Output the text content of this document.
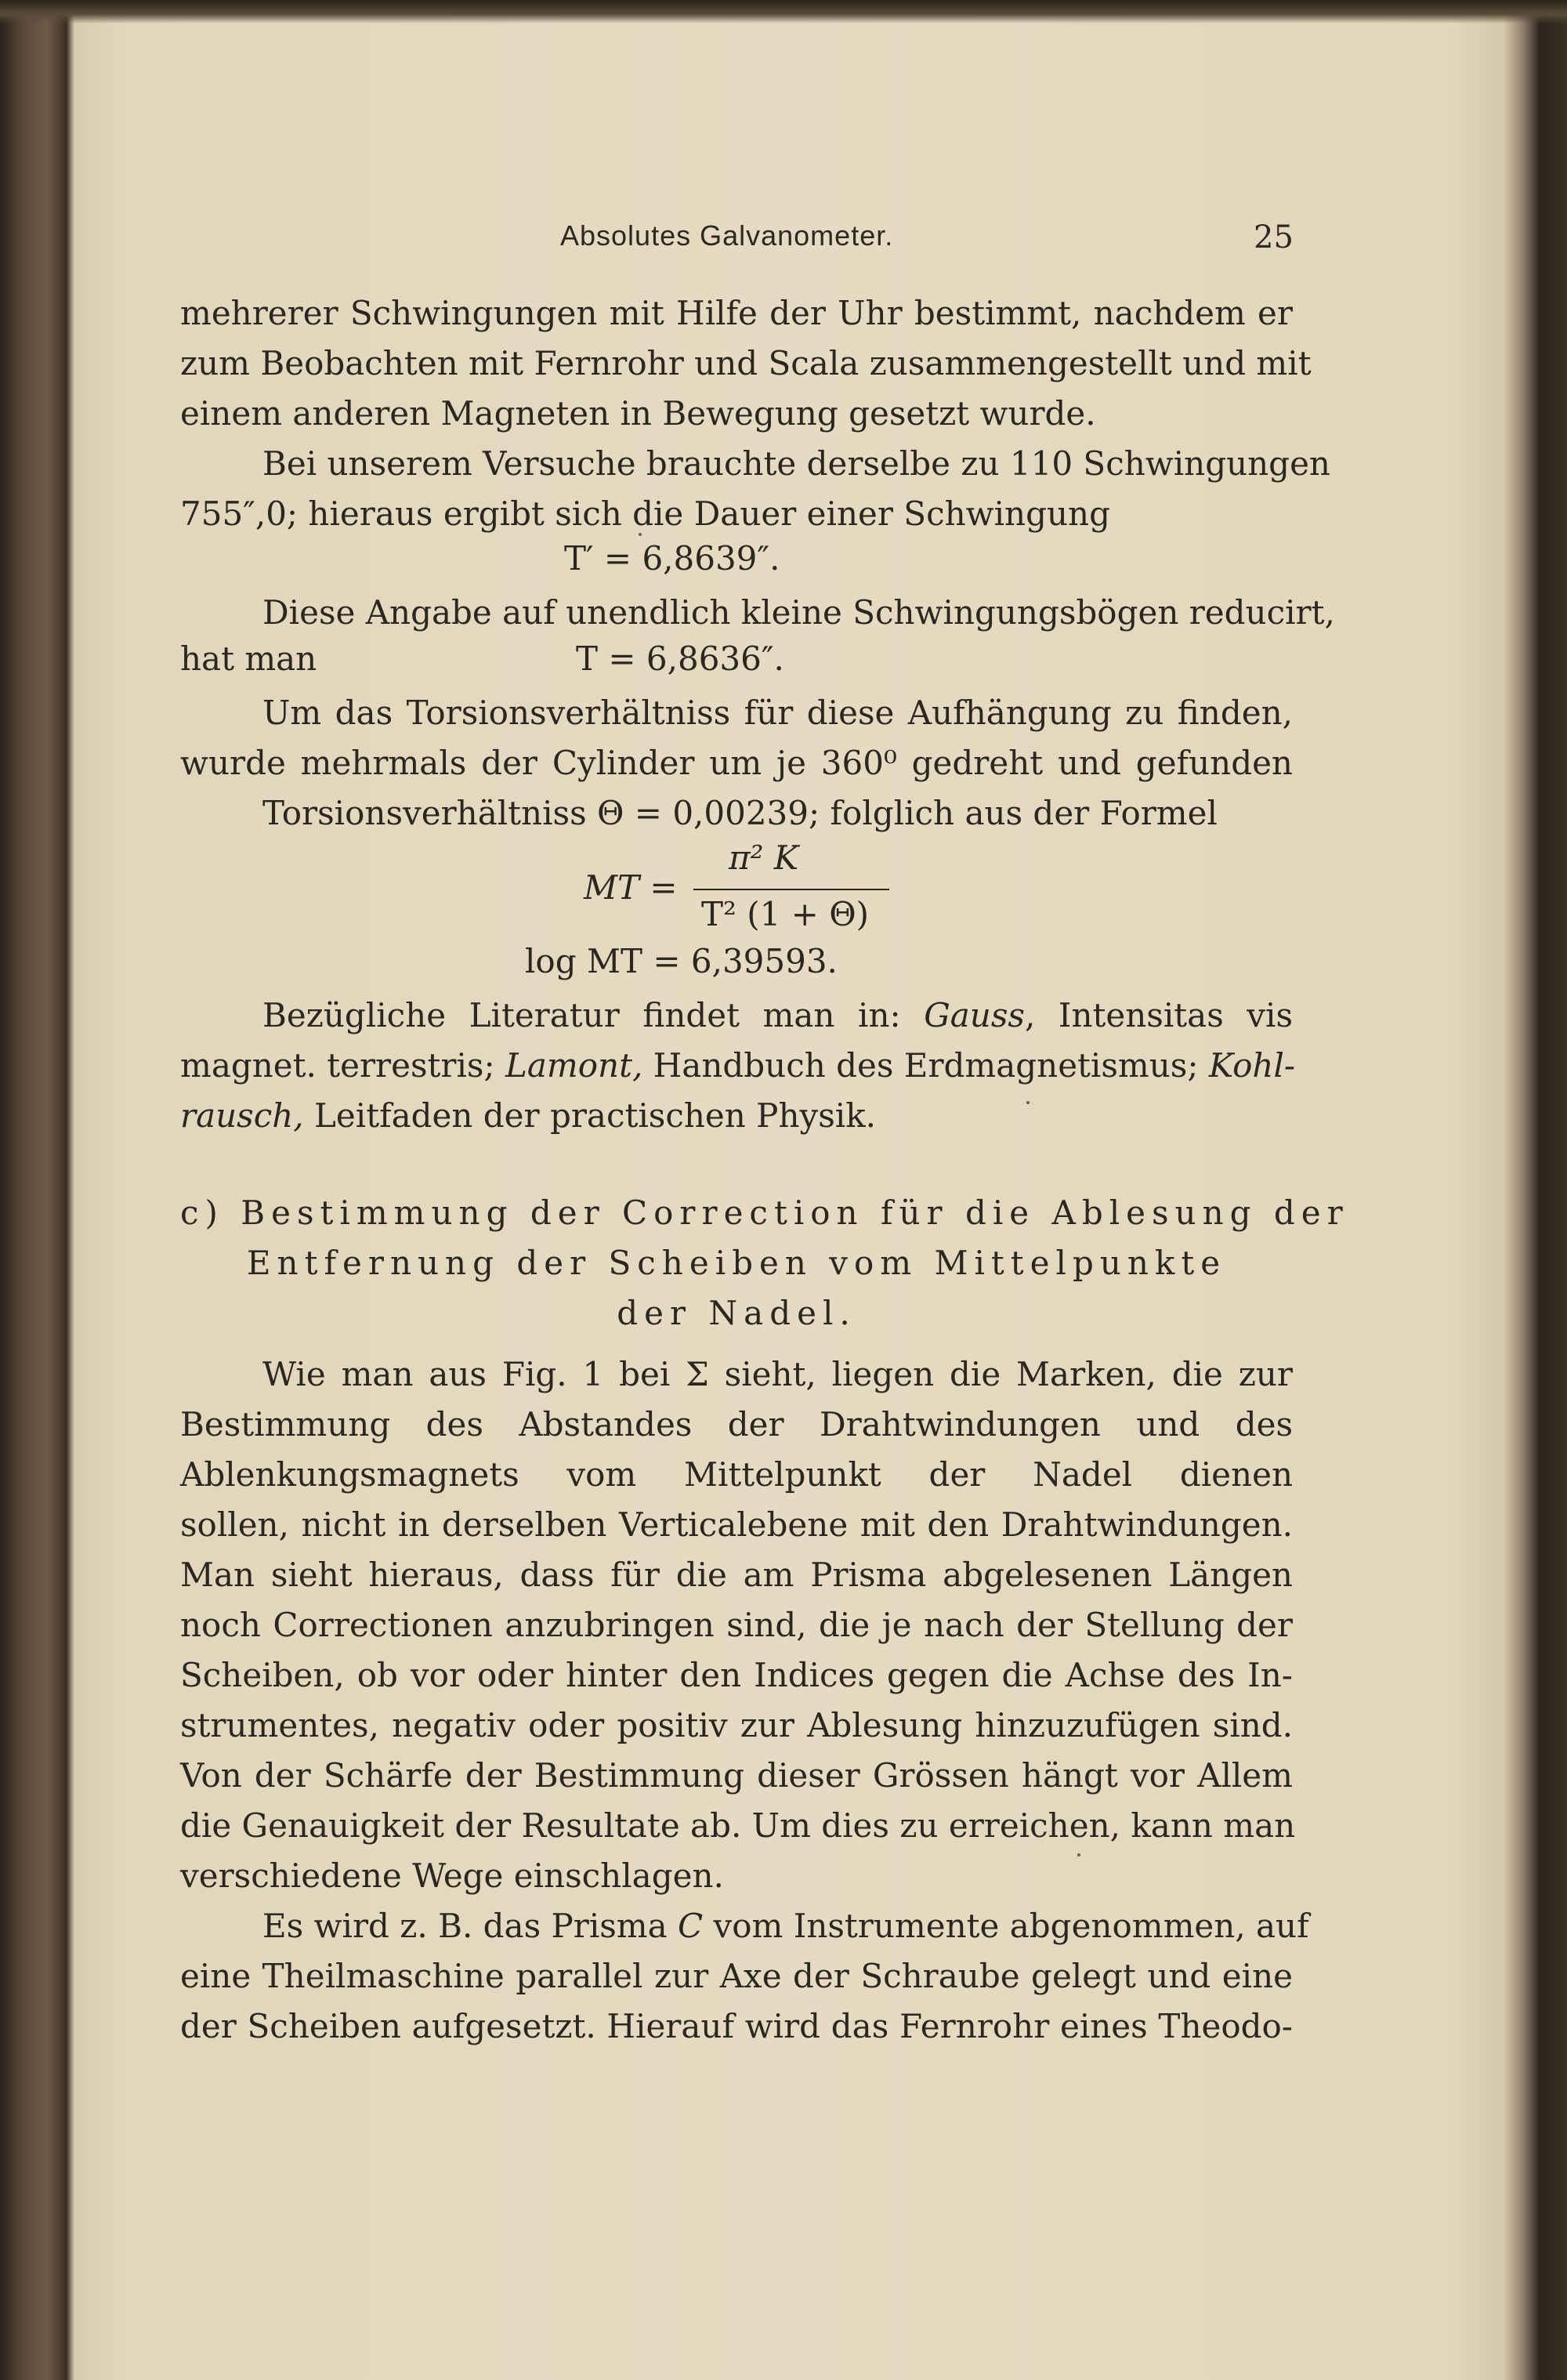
Absolutes Galvanometer.	25
mehrerer Schwingungen mit Hilfe der Uhr bestimmt, nachdem er
zum Beobachten mit Fernrohr und Scala zusammengestellt und mit
einem anderen Magneten in Bewegung gesetzt wurde.
Bei unserem Versuche brauchte derselbe zu 110 Schwingungen
755″,0; hieraus ergibt sich die Dauer einer Schwingung
T′ = 6,8639″.
Diese Angabe auf unendlich kleine Schwingungsbögen reducirt,
hat man	T = 6,8636″.
Um das Torsionsverhältniss für diese Aufhängung zu finden,
wurde mehrmals der Cylinder um je 360⁰ gedreht und gefunden
Torsionsverhältniss Θ = 0,00239; folglich aus der Formel
MT =
π² K
T² (1 + Θ)
log MT = 6,39593.
Bezügliche Literatur findet man in: Gauss, Intensitas vis
magnet. terrestris; Lamont, Handbuch des Erdmagnetismus; Kohl-
rausch, Leitfaden der practischen Physik.
c) Bestimmung der Correction für die Ablesung der
Entfernung der Scheiben vom Mittelpunkte
der Nadel.
Wie man aus Fig. 1 bei Σ sieht, liegen die Marken, die zur
Bestimmung des Abstandes der Drahtwindungen und des
Ablenkungsmagnets vom Mittelpunkt der Nadel dienen
sollen, nicht in derselben Verticalebene mit den Drahtwindungen.
Man sieht hieraus, dass für die am Prisma abgelesenen Längen
noch Correctionen anzubringen sind, die je nach der Stellung der
Scheiben, ob vor oder hinter den Indices gegen die Achse des In-
strumentes, negativ oder positiv zur Ablesung hinzuzufügen sind.
Von der Schärfe der Bestimmung dieser Grössen hängt vor Allem
die Genauigkeit der Resultate ab. Um dies zu erreichen, kann man
verschiedene Wege einschlagen.
Es wird z. B. das Prisma C vom Instrumente abgenommen, auf
eine Theilmaschine parallel zur Axe der Schraube gelegt und eine
der Scheiben aufgesetzt. Hierauf wird das Fernrohr eines Theodo-
